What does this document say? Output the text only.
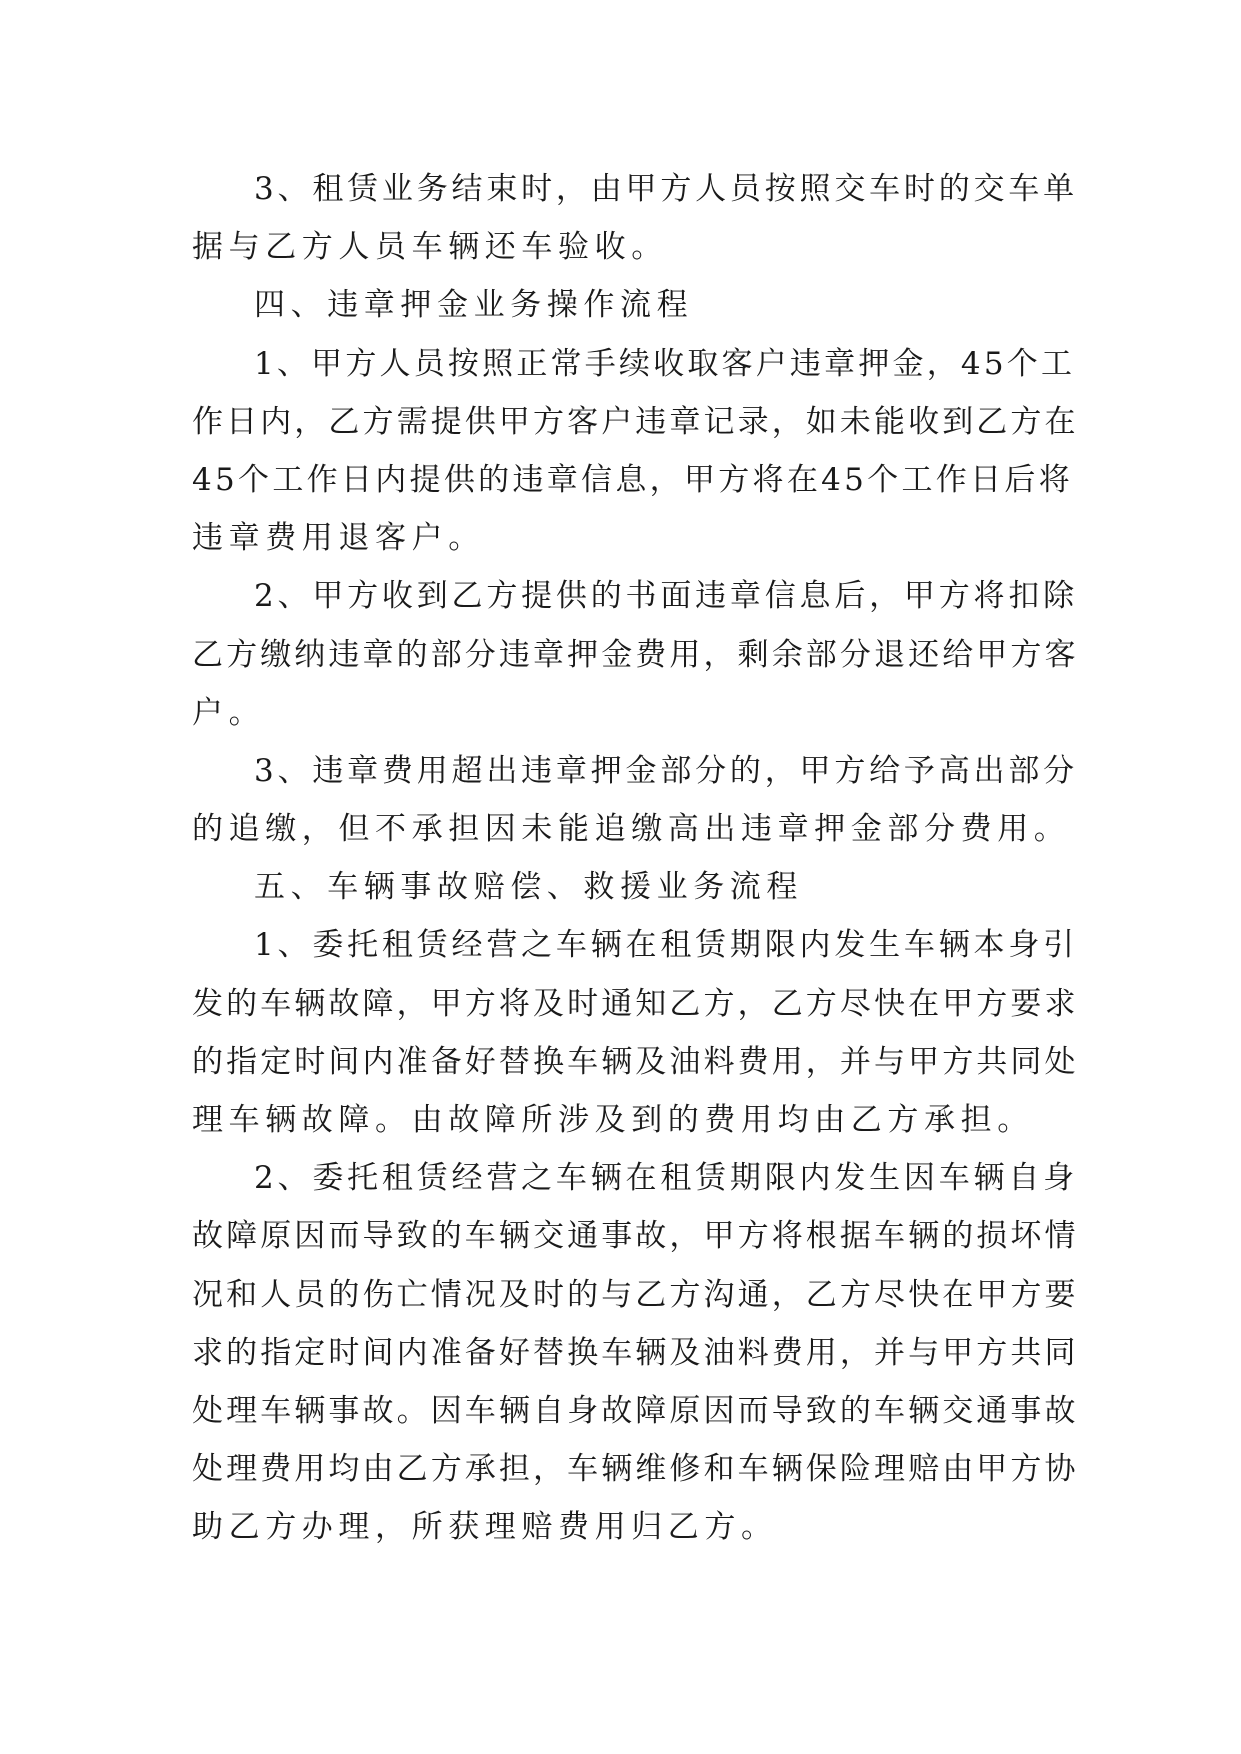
3、租赁业务结束时，由甲方人员按照交车时的交车单
据与乙方人员车辆还车验收。
四、违章押金业务操作流程
1、甲方人员按照正常手续收取客户违章押金，45个工
作日内，乙方需提供甲方客户违章记录，如未能收到乙方在
45个工作日内提供的违章信息，甲方将在45个工作日后将
违章费用退客户。
2、甲方收到乙方提供的书面违章信息后，甲方将扣除
乙方缴纳违章的部分违章押金费用，剩余部分退还给甲方客
户。
3、违章费用超出违章押金部分的，甲方给予高出部分
的追缴，但不承担因未能追缴高出违章押金部分费用。
五、车辆事故赔偿、救援业务流程
1、委托租赁经营之车辆在租赁期限内发生车辆本身引
发的车辆故障，甲方将及时通知乙方，乙方尽快在甲方要求
的指定时间内准备好替换车辆及油料费用，并与甲方共同处
理车辆故障。由故障所涉及到的费用均由乙方承担。
2、委托租赁经营之车辆在租赁期限内发生因车辆自身
故障原因而导致的车辆交通事故，甲方将根据车辆的损坏情
况和人员的伤亡情况及时的与乙方沟通，乙方尽快在甲方要
求的指定时间内准备好替换车辆及油料费用，并与甲方共同
处理车辆事故。因车辆自身故障原因而导致的车辆交通事故
处理费用均由乙方承担，车辆维修和车辆保险理赔由甲方协
助乙方办理，所获理赔费用归乙方。
